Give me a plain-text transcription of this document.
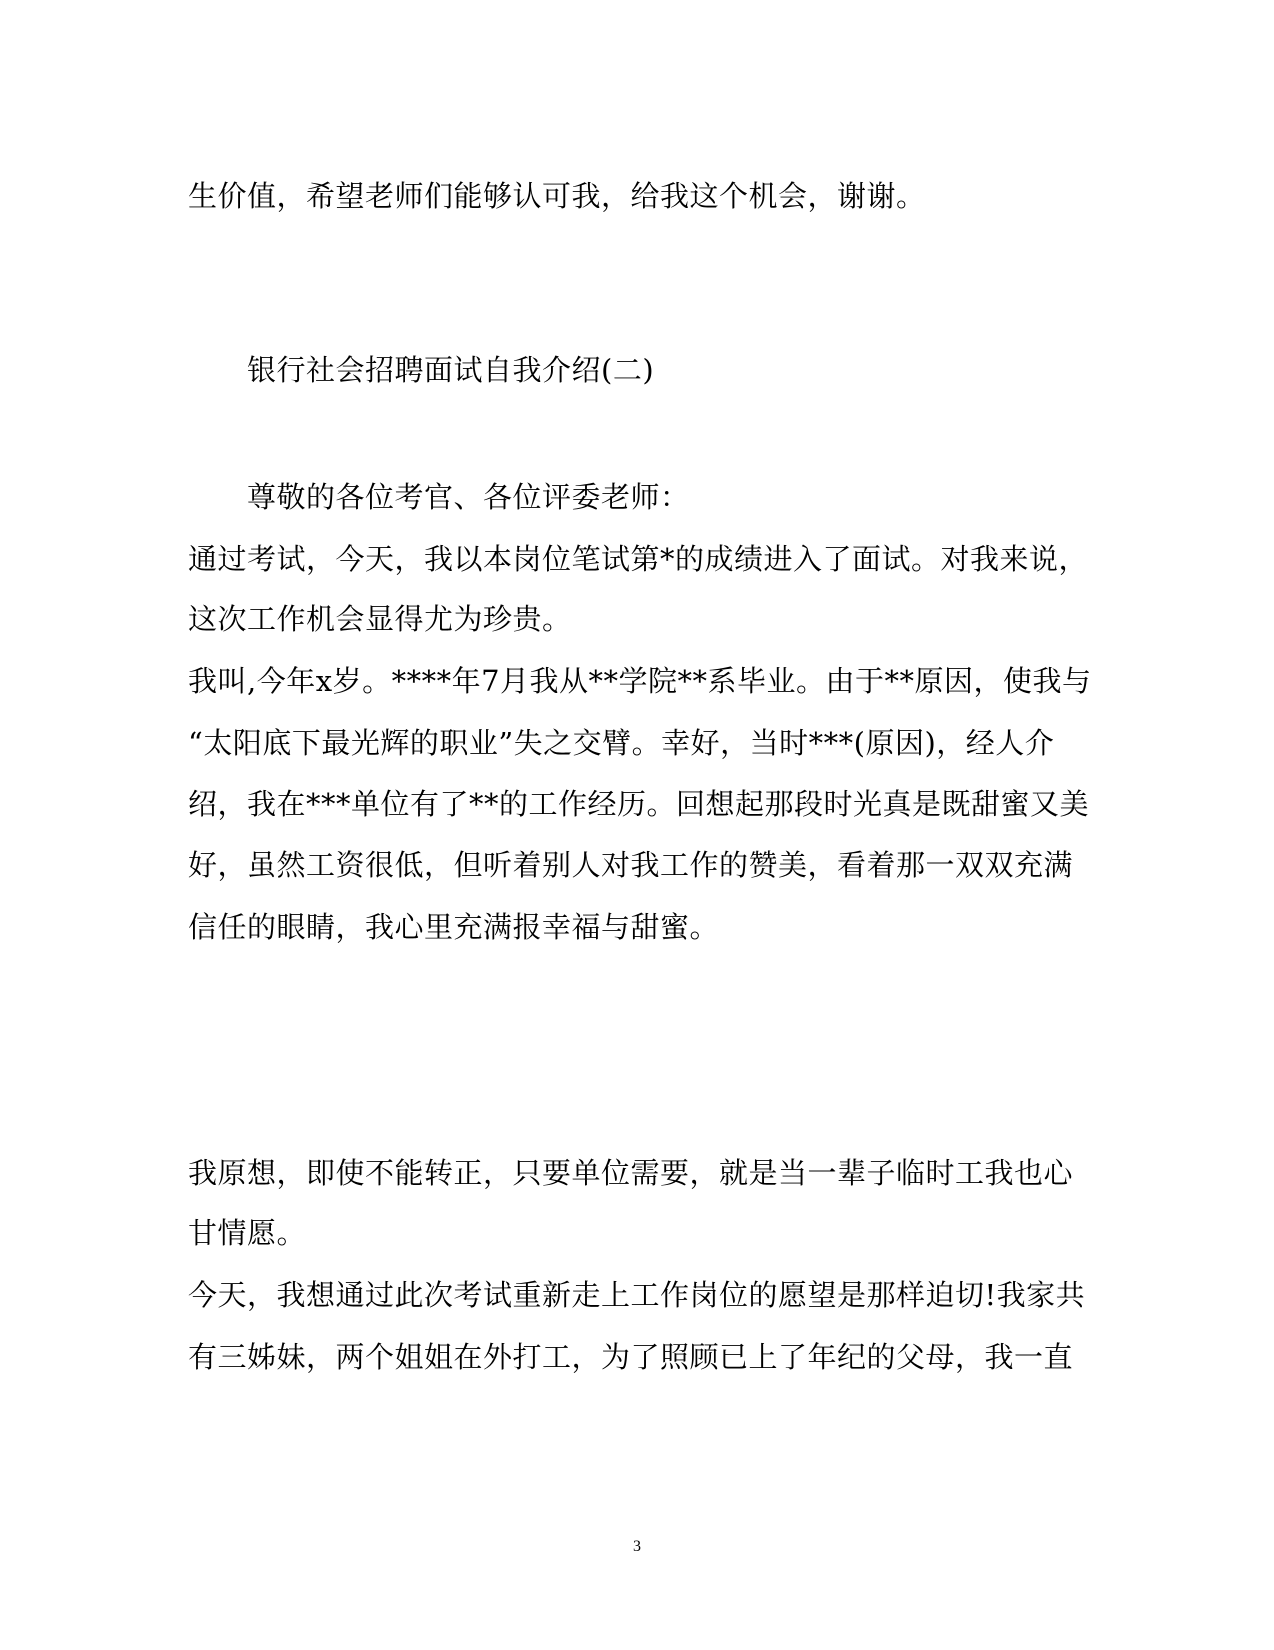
生价值，希望老师们能够认可我，给我这个机会，谢谢。
银行社会招聘面试自我介绍(二)
尊敬的各位考官、各位评委老师：
通过考试，今天，我以本岗位笔试第*的成绩进入了面试。对我来说，
这次工作机会显得尤为珍贵。
我叫,今年x岁。****年7月我从**学院**系毕业。由于**原因，使我与
“太阳底下最光辉的职业”失之交臂。幸好，当时***(原因)，经人介
绍，我在***单位有了**的工作经历。回想起那段时光真是既甜蜜又美
好，虽然工资很低，但听着别人对我工作的赞美，看着那一双双充满
信任的眼睛，我心里充满报幸福与甜蜜。
我原想，即使不能转正，只要单位需要，就是当一辈子临时工我也心
甘情愿。
今天，我想通过此次考试重新走上工作岗位的愿望是那样迫切!我家共
有三姊妹，两个姐姐在外打工，为了照顾已上了年纪的父母，我一直
3
